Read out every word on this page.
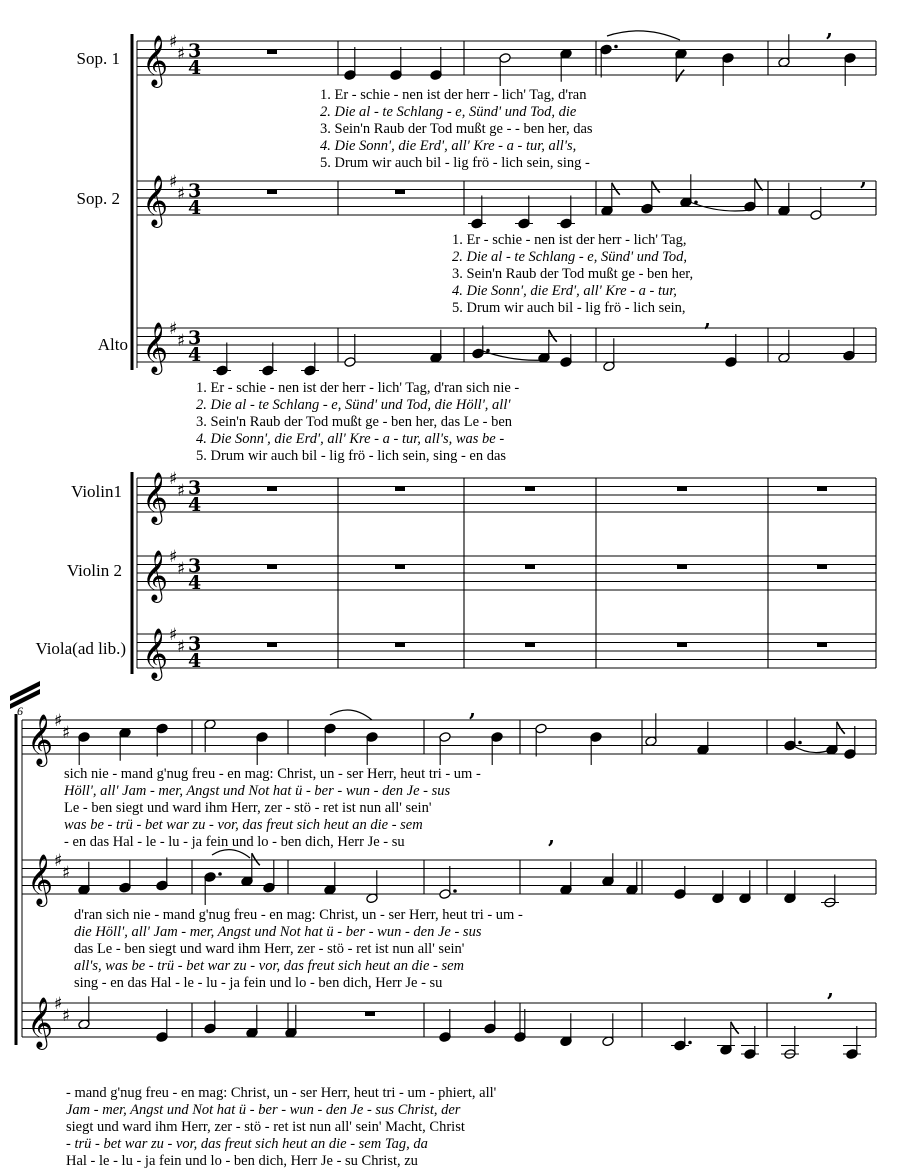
𝄞 ♯
♯ 3
4
𝄞 ♯
♯ 3
4
𝄞 ♯
♯ 3
4
𝄞 ♯
♯ 3
4
𝄞 ♯
♯ 3
4
𝄞 ♯
♯ 3
4
,
,
,
𝄞 ♯
♯
𝄞 ♯
♯
𝄞 ♯
♯
,
,
,
Sop. 1
Sop. 2
Alto
Violin1
Violin 2
Viola(ad lib.)
6
1. Er - schie - nen ist der herr - lich' Tag, d'ran
2. Die al - te Schlang - e, Sünd' und Tod, die
3. Sein'n Raub der Tod mußt ge - - ben her, das
4. Die Sonn', die Erd', all' Kre - a - tur, all's,
5. Drum wir auch bil - lig frö - lich sein, sing -
1. Er - schie - nen ist der herr - lich' Tag,
2. Die al - te Schlang - e, Sünd' und Tod,
3. Sein'n Raub der Tod mußt ge - ben her,
4. Die Sonn', die Erd', all' Kre - a - tur,
5. Drum wir auch bil - lig frö - lich sein,
1. Er - schie - nen ist der herr - lich' Tag, d'ran sich nie -
2. Die al - te Schlang - e, Sünd' und Tod, die Höll', all'
3. Sein'n Raub der Tod mußt ge - ben her, das Le - ben
4. Die Sonn', die Erd', all' Kre - a - tur, all's, was be -
5. Drum wir auch bil - lig frö - lich sein, sing - en das
sich nie - mand g'nug freu - en mag: Christ, un - ser Herr, heut tri - um -
Höll', all' Jam - mer, Angst und Not hat ü - ber - wun - den Je - sus
Le - ben siegt und ward ihm Herr, zer - stö - ret ist nun all' sein'
was be - trü - bet war zu - vor, das freut sich heut an die - sem
- en das Hal - le - lu - ja fein und lo - ben dich, Herr Je - su
d'ran sich nie - mand g'nug freu - en mag: Christ, un - ser Herr, heut tri - um -
die Höll', all' Jam - mer, Angst und Not hat ü - ber - wun - den Je - sus
das Le - ben siegt und ward ihm Herr, zer - stö - ret ist nun all' sein'
all's, was be - trü - bet war zu - vor, das freut sich heut an die - sem
sing - en das Hal - le - lu - ja fein und lo - ben dich, Herr Je - su
- mand g'nug freu - en mag: Christ, un - ser Herr, heut tri - um - phiert, all'
Jam - mer, Angst und Not hat ü - ber - wun - den Je - sus Christ, der
siegt und ward ihm Herr, zer - stö - ret ist nun all' sein' Macht, Christ
- trü - bet war zu - vor, das freut sich heut an die - sem Tag, da
Hal - le - lu - ja fein und lo - ben dich, Herr Je - su Christ, zu
